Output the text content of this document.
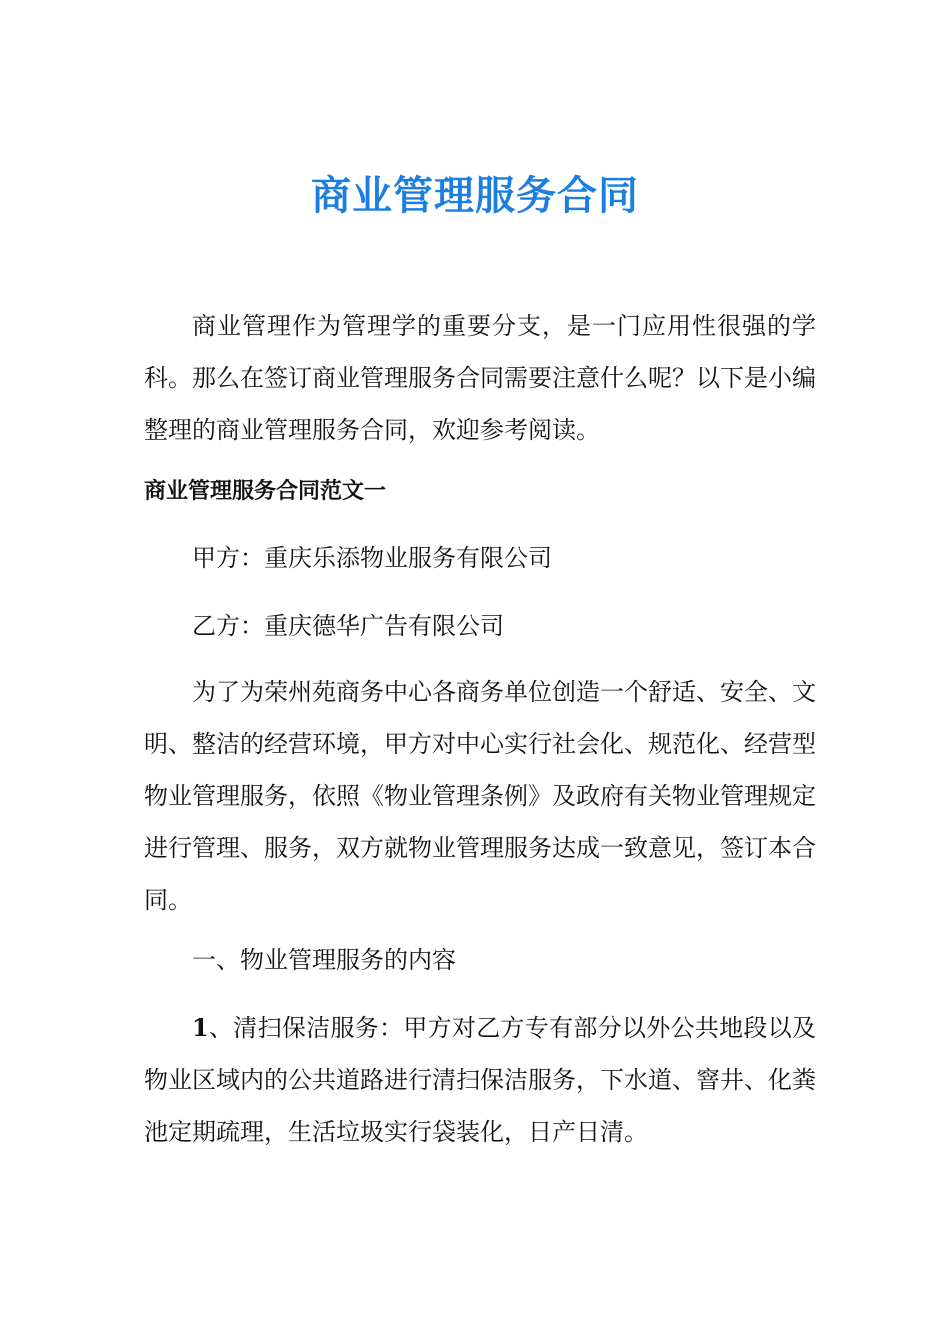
商业管理服务合同

商业管理作为管理学的重要分支，是一门应用性很强的学科。那么在签订商业管理服务合同需要注意什么呢？以下是小编整理的商业管理服务合同，欢迎参考阅读。

商业管理服务合同范文一

甲方：重庆乐添物业服务有限公司

乙方：重庆德华广告有限公司

为了为荣州苑商务中心各商务单位创造一个舒适、安全、文明、整洁的经营环境，甲方对中心实行社会化、规范化、经营型物业管理服务，依照《物业管理条例》及政府有关物业管理规定进行管理、服务，双方就物业管理服务达成一致意见，签订本合同。

一、物业管理服务的内容

1、清扫保洁服务：甲方对乙方专有部分以外公共地段以及物业区域内的公共道路进行清扫保洁服务，下水道、窨井、化粪池定期疏理，生活垃圾实行袋装化，日产日清。
